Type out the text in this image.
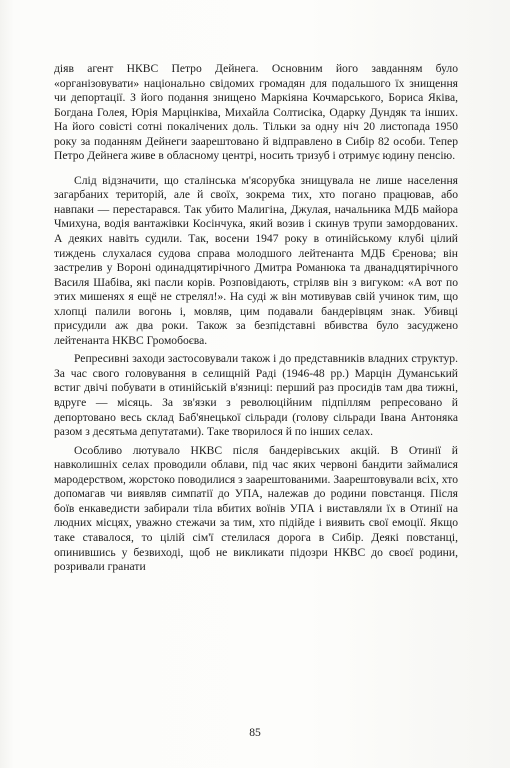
діяв агент НКВС Петро Дейнега. Основним його завданням було «організовувати» національно свідомих громадян для подальшого їх знищення чи депортації. З його подання знищено Маркіяна Кочмарського, Бориса Яківа, Богдана Голея, Юрія Марцінківа, Михайла Солтисіка, Одарку Дундяк та інших. На його совісті сотні покалічених доль. Тільки за одну ніч 20 листопада 1950 року за поданням Дейнеги заарештовано й відправлено в Сибір 82 особи. Тепер Петро Дейнега живе в обласному центрі, носить тризуб і отримує юдину пенсію.

Слід відзначити, що сталінська м'ясорубка знищувала не лише населення загарбаних територій, але й своїх, зокрема тих, хто погано працював, або навпаки — перестарався. Так убито Малигіна, Джулая, начальника МДБ майора Чмихуна, водія вантажівки Косінчука, який возив і скинув трупи замордованих. А деяких навіть судили. Так, восени 1947 року в отинійському клубі цілий тиждень слухалася судова справа молодшого лейтенанта МДБ Єренова; він застрелив у Вороні одинадцятирічного Дмитра Романюка та дванадцятирічного Василя Шабіва, які пасли корів. Розповідають, стріляв він з вигуком: «А вот по этих мишенях я ещё не стрелял!». На суді ж він мотивував свій учинок тим, що хлопці палили вогонь і, мовляв, цим подавали бандерівцям знак. Убивці присудили аж два роки. Також за безпідставні вбивства було засуджено лейтенанта НКВС Громобоєва.

Репресивні заходи застосовували також і до представників владних структур. За час свого головування в селищній Раді (1946-48 рр.) Марцін Думанський встиг двічі побувати в отинійській в'язниці: перший раз просидів там два тижні, вдруге — місяць. За зв'язки з революційним підпіллям репресовано й депортовано весь склад Баб'янецької сільради (голову сільради Івана Антоняка разом з десятьма депутатами). Таке творилося й по інших селах.

Особливо лютувало НКВС після бандерівських акцій. В Отинії й навколишніх селах проводили облави, під час яких червоні бандити займалися мародерством, жорстоко поводилися з заарештованими. Заарештовували всіх, хто допомагав чи виявляв симпатії до УПА, належав до родини повстанця. Після боїв енкаведисти забирали тіла вбитих воїнів УПА і виставляли їх в Отинії на людних місцях, уважно стежачи за тим, хто підійде і виявить свої емоції. Якщо таке ставалося, то цілій сім'ї стелилася дорога в Сибір. Деякі повстанці, опинившись у безвиході, щоб не викликати підозри НКВС до своєї родини, розривали гранати

85
